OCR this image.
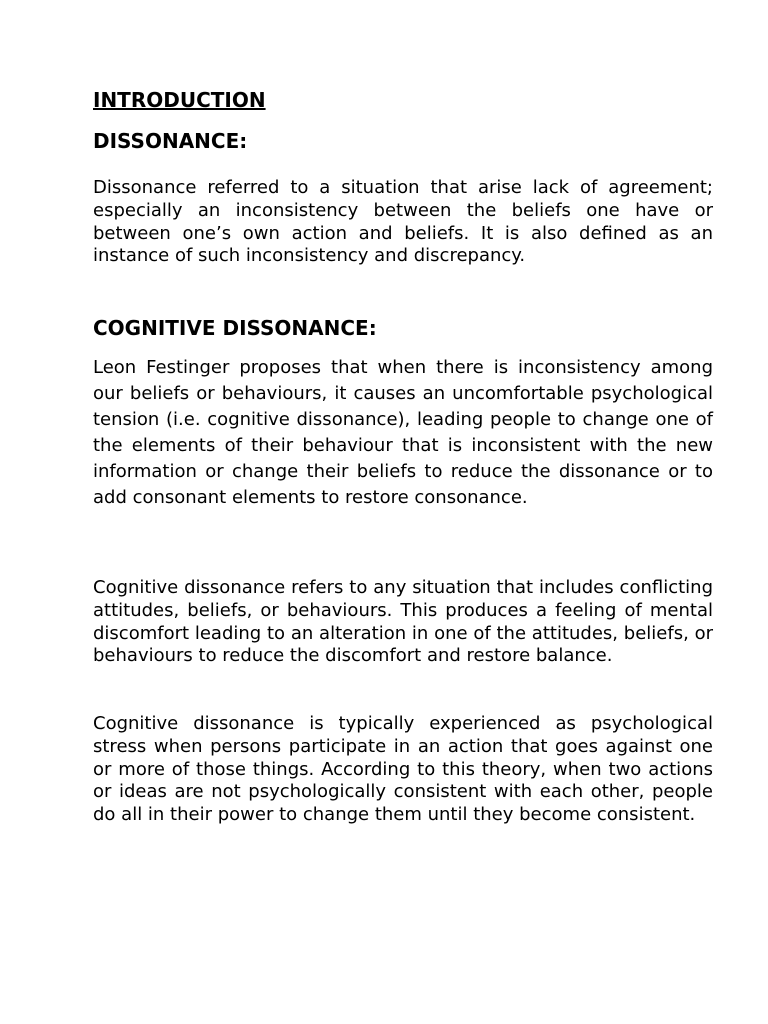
INTRODUCTION
DISSONANCE:

Dissonance referred to a situation that arise lack of agreement; especially an inconsistency between the beliefs one have or between one’s own action and beliefs. It is also defined as an instance of such inconsistency and discrepancy.

COGNITIVE DISSONANCE:

Leon Festinger proposes that when there is inconsistency among our beliefs or behaviours, it causes an uncomfortable psychological tension (i.e. cognitive dissonance), leading people to change one of the elements of their behaviour that is inconsistent with the new information or change their beliefs to reduce the dissonance or to add consonant elements to restore consonance.

Cognitive dissonance refers to any situation that includes conflicting attitudes, beliefs, or behaviours. This produces a feeling of mental discomfort leading to an alteration in one of the attitudes, beliefs, or behaviours to reduce the discomfort and restore balance.

Cognitive dissonance is typically experienced as psychological stress when persons participate in an action that goes against one or more of those things. According to this theory, when two actions or ideas are not psychologically consistent with each other, people do all in their power to change them until they become consistent.
